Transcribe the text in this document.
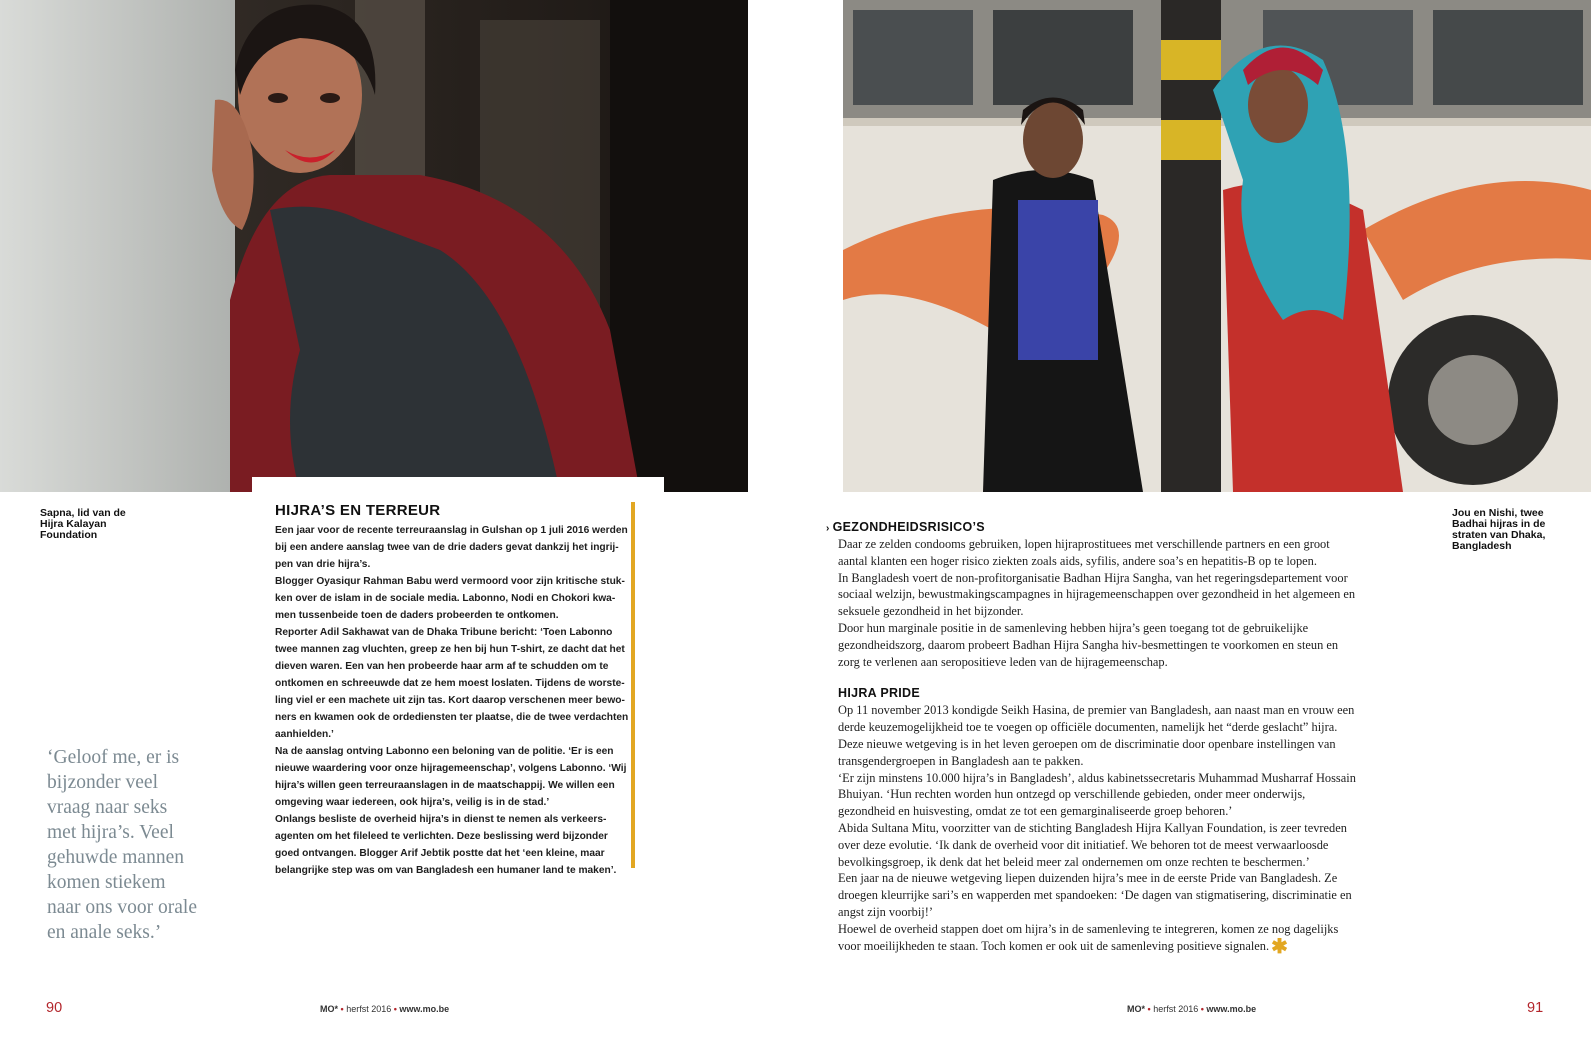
Sapna, lid van de Hijra Kalayan Foundation
Jou en Nishi, twee Badhai hijras in de straten van Dhaka, Bangladesh
HIJRA’S EN TERREUR

Een jaar voor de recente terreuraanslag in Gulshan op 1 juli 2016 werden bij een andere aanslag twee van de drie daders gevat dankzij het ingrijpen van drie hijra’s.

Blogger Oyasiqur Rahman Babu werd vermoord voor zijn kritische stukken over de islam in de sociale media. Labonno, Nodi en Chokori kwamen tussenbeide toen de daders probeerden te ontkomen.

Reporter Adil Sakhawat van de Dhaka Tribune bericht: ‘Toen Labonno twee mannen zag vluchten, greep ze hen bij hun T-shirt, ze dacht dat het dieven waren. Een van hen probeerde haar arm af te schudden om te ontkomen en schreeuwde dat ze hem moest loslaten. Tijdens de worsteling viel er een machete uit zijn tas. Kort daarop verschenen meer bewoners en kwamen ook de ordediensten ter plaatse, die de twee verdachten aanhielden.’

Na de aanslag ontving Labonno een beloning van de politie. ‘Er is een nieuwe waardering voor onze hijragemeenschap’, volgens Labonno. ‘Wij hijra’s willen geen terreuraanslagen in de maatschappij. We willen een omgeving waar iedereen, ook hijra’s, veilig is in de stad.’

Onlangs besliste de overheid hijra’s in dienst te nemen als verkeersagenten om het fileleed te verlichten. Deze beslissing werd bijzonder goed ontvangen. Blogger Arif Jebtik postte dat het ‘een kleine, maar belangrijke step was om van Bangladesh een humaner land te maken’.

‘Geloof me, er is bijzonder veel vraag naar seks met hijra’s. Veel gehuwde mannen komen stiekem naar ons voor orale en anale seks.’

› GEZONDHEIDSRISICO’S

Daar ze zelden condooms gebruiken, lopen hijraprostituees met verschillende partners en een groot aantal klanten een hoger risico ziekten zoals aids, syfilis, andere soa’s en hepatitis-B op te lopen.

In Bangladesh voert de non-profitorganisatie Badhan Hijra Sangha, van het regeringsdepartement voor sociaal welzijn, bewustmakingscampagnes in hijragemeenschappen over gezondheid in het algemeen en seksuele gezondheid in het bijzonder.

Door hun marginale positie in de samenleving hebben hijra’s geen toegang tot de gebruikelijke gezondheidszorg, daarom probeert Badhan Hijra Sangha hiv-besmettingen te voorkomen en steun en zorg te verlenen aan seropositieve leden van de hijragemeenschap.

HIJRA PRIDE

Op 11 november 2013 kondigde Seikh Hasina, de premier van Bangladesh, aan naast man en vrouw een derde keuzemogelijkheid toe te voegen op officiële documenten, namelijk het “derde geslacht” hijra. Deze nieuwe wetgeving is in het leven geroepen om de discriminatie door openbare instellingen van transgendergroepen in Bangladesh aan te pakken.

‘Er zijn minstens 10.000 hijra’s in Bangladesh’, aldus kabinetssecretaris Muhammad Musharraf Hossain Bhuiyan. ‘Hun rechten worden hun ontzegd op verschillende gebieden, onder meer onderwijs, gezondheid en huisvesting, omdat ze tot een gemarginaliseerde groep behoren.’

Abida Sultana Mitu, voorzitter van de stichting Bangladesh Hijra Kallyan Foundation, is zeer tevreden over deze evolutie. ‘Ik dank de overheid voor dit initiatief. We behoren tot de meest verwaarloosde bevolkingsgroep, ik denk dat het beleid meer zal ondernemen om onze rechten te beschermen.’

Een jaar na de nieuwe wetgeving liepen duizenden hijra’s mee in de eerste Pride van Bangladesh. Ze droegen kleurrijke sari’s en wapperden met spandoeken: ‘De dagen van stigmatisering, discriminatie en angst zijn voorbij!’

Hoewel de overheid stappen doet om hijra’s in de samenleving te integreren, komen ze nog dagelijks voor moeilijkheden te staan. Toch komen er ook uit de samenleving positieve signalen. ✱

90	91
MO* • herfst 2016 • www.mo.be	MO* • herfst 2016 • www.mo.be
